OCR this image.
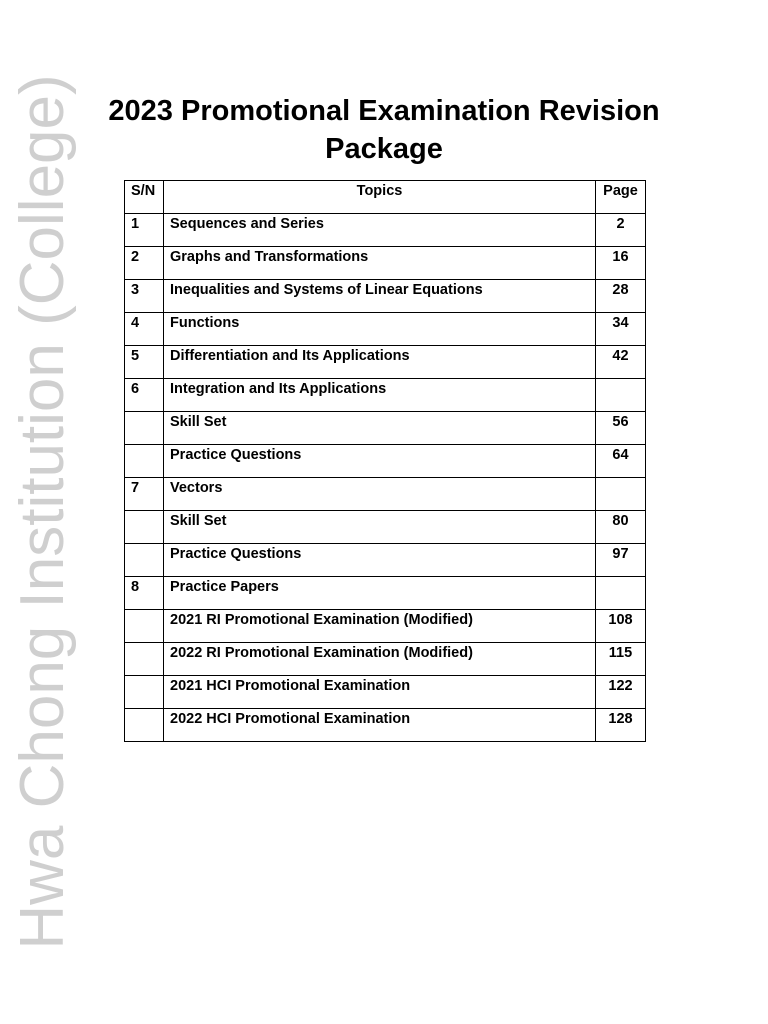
Hwa Chong Institution (College)	2023 Promotional Examination Revision Package
S/N	Topics	Page
1	Sequences and Series	2
2	Graphs and Transformations	16
3	Inequalities and Systems of Linear Equations	28
4	Functions	34
5	Differentiation and Its Applications	42
6	Integration and Its Applications	
	Skill Set	56
	Practice Questions	64
7	Vectors	
	Skill Set	80
	Practice Questions	97
8	Practice Papers	
	2021 RI Promotional Examination (Modified)	108
	2022 RI Promotional Examination (Modified)	115
	2021 HCI Promotional Examination	122
	2022 HCI Promotional Examination	128
